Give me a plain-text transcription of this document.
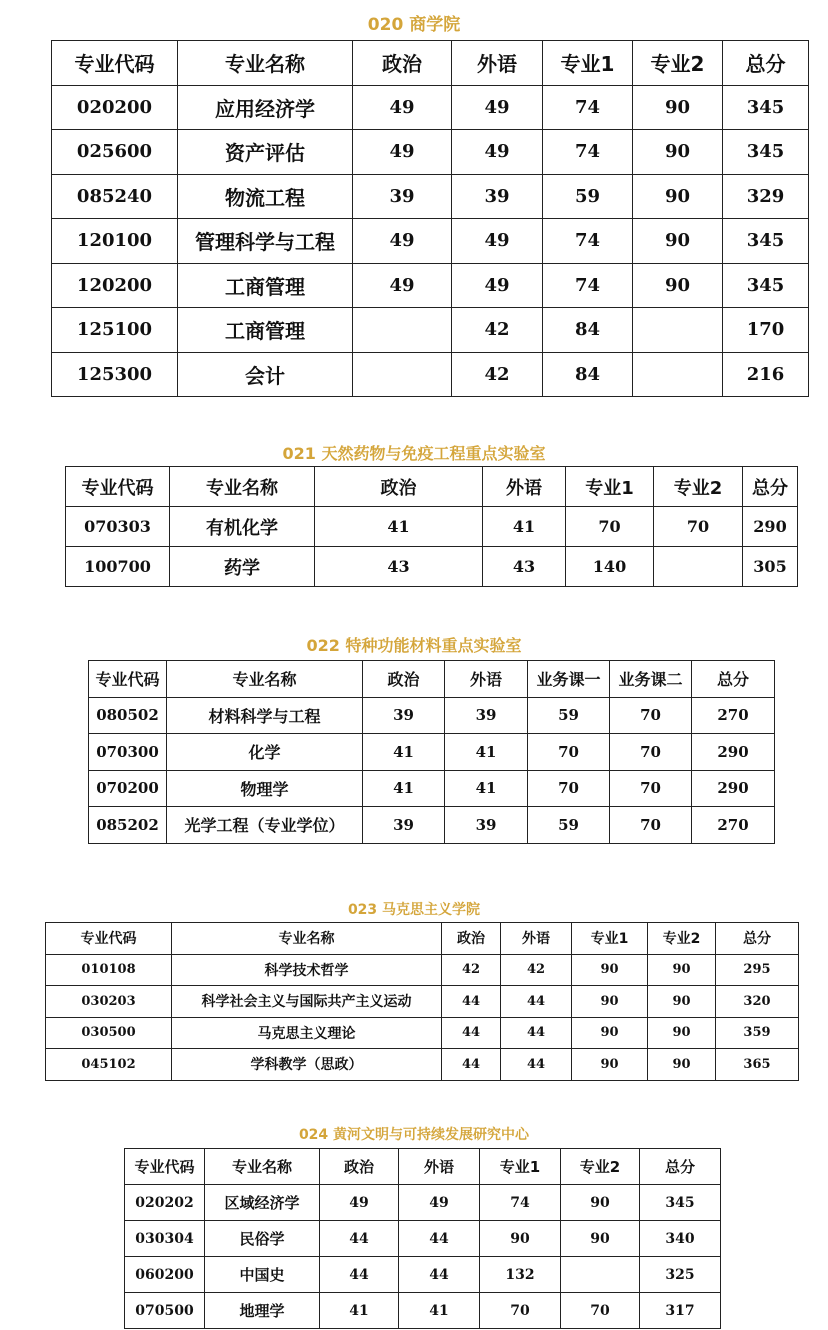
020 商学院
专业代码	专业名称	政治	外语	专业1	专业2	总分
020200	应用经济学	49	49	74	90	345
025600	资产评估	49	49	74	90	345
085240	物流工程	39	39	59	90	329
120100	管理科学与工程	49	49	74	90	345
120200	工商管理	49	49	74	90	345
125100	工商管理		42	84		170
125300	会计		42	84		216
021 天然药物与免疫工程重点实验室
专业代码	专业名称	政治	外语	专业1	专业2	总分
070303	有机化学	41	41	70	70	290
100700	药学	43	43	140		305
022 特种功能材料重点实验室
专业代码	专业名称	政治	外语	业务课一	业务课二	总分
080502	材料科学与工程	39	39	59	70	270
070300	化学	41	41	70	70	290
070200	物理学	41	41	70	70	290
085202	光学工程（专业学位）	39	39	59	70	270
023 马克思主义学院
专业代码	专业名称	政治	外语	专业1	专业2	总分
010108	科学技术哲学	42	42	90	90	295
030203	科学社会主义与国际共产主义运动	44	44	90	90	320
030500	马克思主义理论	44	44	90	90	359
045102	学科教学（思政）	44	44	90	90	365
024 黄河文明与可持续发展研究中心
专业代码	专业名称	政治	外语	专业1	专业2	总分
020202	区域经济学	49	49	74	90	345
030304	民俗学	44	44	90	90	340
060200	中国史	44	44	132		325
070500	地理学	41	41	70	70	317
